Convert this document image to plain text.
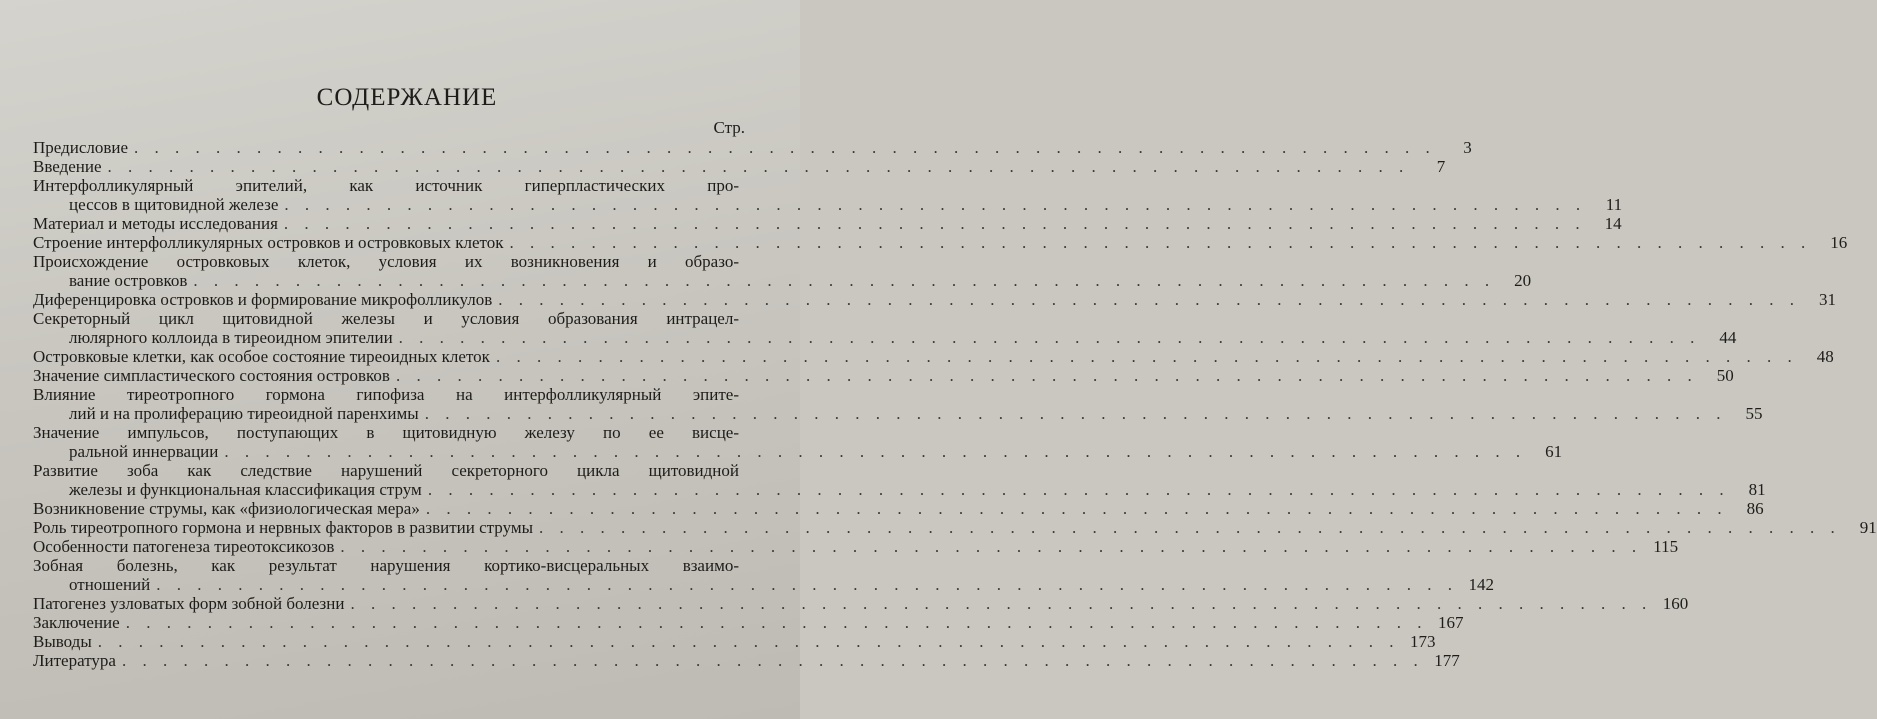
СОДЕРЖАНИЕ
Стр.
Предисловие . . . . . . . . . . . . . . . . . . . . . . . . . . . . . . . . . . . . . . . . . . . . . . . . . . . . . . . . . . . . . . . .	3
Введение . . . . . . . . . . . . . . . . . . . . . . . . . . . . . . . . . . . . . . . . . . . . . . . . . . . . . . . . . . . . . . . .	7
Интерфолликулярный эпителий, как источник гиперпластических про-
цессов в щитовидной железе . . . . . . . . . . . . . . . . . . . . . . . . . . . . . . . . . . . . . . . . . . . . . . . . . . . . . . . . . . . . . . . .	11
Материал и методы исследования . . . . . . . . . . . . . . . . . . . . . . . . . . . . . . . . . . . . . . . . . . . . . . . . . . . . . . . . . . . . . . . .	14
Строение интерфолликулярных островков и островковых клеток . . . . . . . . . . . . . . . . . . . . . . . . . . . . . . . . . . . . . . . . . . . . . . . . . . . . . . . . . . . . . . . .	16
Происхождение островковых клеток, условия их возникновения и образо-
вание островков . . . . . . . . . . . . . . . . . . . . . . . . . . . . . . . . . . . . . . . . . . . . . . . . . . . . . . . . . . . . . . . .	20
Диференцировка островков и формирование микрофолликулов . . . . . . . . . . . . . . . . . . . . . . . . . . . . . . . . . . . . . . . . . . . . . . . . . . . . . . . . . . . . . . . .	31
Секреторный цикл щитовидной железы и условия образования интрацел-
люлярного коллоида в тиреоидном эпителии . . . . . . . . . . . . . . . . . . . . . . . . . . . . . . . . . . . . . . . . . . . . . . . . . . . . . . . . . . . . . . . .	44
Островковые клетки, как особое состояние тиреоидных клеток . . . . . . . . . . . . . . . . . . . . . . . . . . . . . . . . . . . . . . . . . . . . . . . . . . . . . . . . . . . . . . . .	48
Значение симпластического состояния островков . . . . . . . . . . . . . . . . . . . . . . . . . . . . . . . . . . . . . . . . . . . . . . . . . . . . . . . . . . . . . . . .	50
Влияние тиреотропного гормона гипофиза на интерфолликулярный эпите-
лий и на пролиферацию тиреоидной паренхимы . . . . . . . . . . . . . . . . . . . . . . . . . . . . . . . . . . . . . . . . . . . . . . . . . . . . . . . . . . . . . . . .	55
Значение импульсов, поступающих в щитовидную железу по ее висце-
ральной иннервации . . . . . . . . . . . . . . . . . . . . . . . . . . . . . . . . . . . . . . . . . . . . . . . . . . . . . . . . . . . . . . . .	61
Развитие зоба как следствие нарушений секреторного цикла щитовидной
железы и функциональная классификация струм . . . . . . . . . . . . . . . . . . . . . . . . . . . . . . . . . . . . . . . . . . . . . . . . . . . . . . . . . . . . . . . .	81
Возникновение струмы, как «физиологическая мера» . . . . . . . . . . . . . . . . . . . . . . . . . . . . . . . . . . . . . . . . . . . . . . . . . . . . . . . . . . . . . . . .	86
Роль тиреотропного гормона и нервных факторов в развитии струмы . . . . . . . . . . . . . . . . . . . . . . . . . . . . . . . . . . . . . . . . . . . . . . . . . . . . . . . . . . . . . . . .	91
Особенности патогенеза тиреотоксикозов . . . . . . . . . . . . . . . . . . . . . . . . . . . . . . . . . . . . . . . . . . . . . . . . . . . . . . . . . . . . . . . . 115
Зобная болезнь, как результат нарушения кортико-висцеральных взаимо-
отношений . . . . . . . . . . . . . . . . . . . . . . . . . . . . . . . . . . . . . . . . . . . . . . . . . . . . . . . . . . . . . . . . 142
Патогенез узловатых форм зобной болезни . . . . . . . . . . . . . . . . . . . . . . . . . . . . . . . . . . . . . . . . . . . . . . . . . . . . . . . . . . . . . . . . 160
Заключение . . . . . . . . . . . . . . . . . . . . . . . . . . . . . . . . . . . . . . . . . . . . . . . . . . . . . . . . . . . . . . . . 167
Выводы . . . . . . . . . . . . . . . . . . . . . . . . . . . . . . . . . . . . . . . . . . . . . . . . . . . . . . . . . . . . . . . . 173
Литература . . . . . . . . . . . . . . . . . . . . . . . . . . . . . . . . . . . . . . . . . . . . . . . . . . . . . . . . . . . . . . . . 177
